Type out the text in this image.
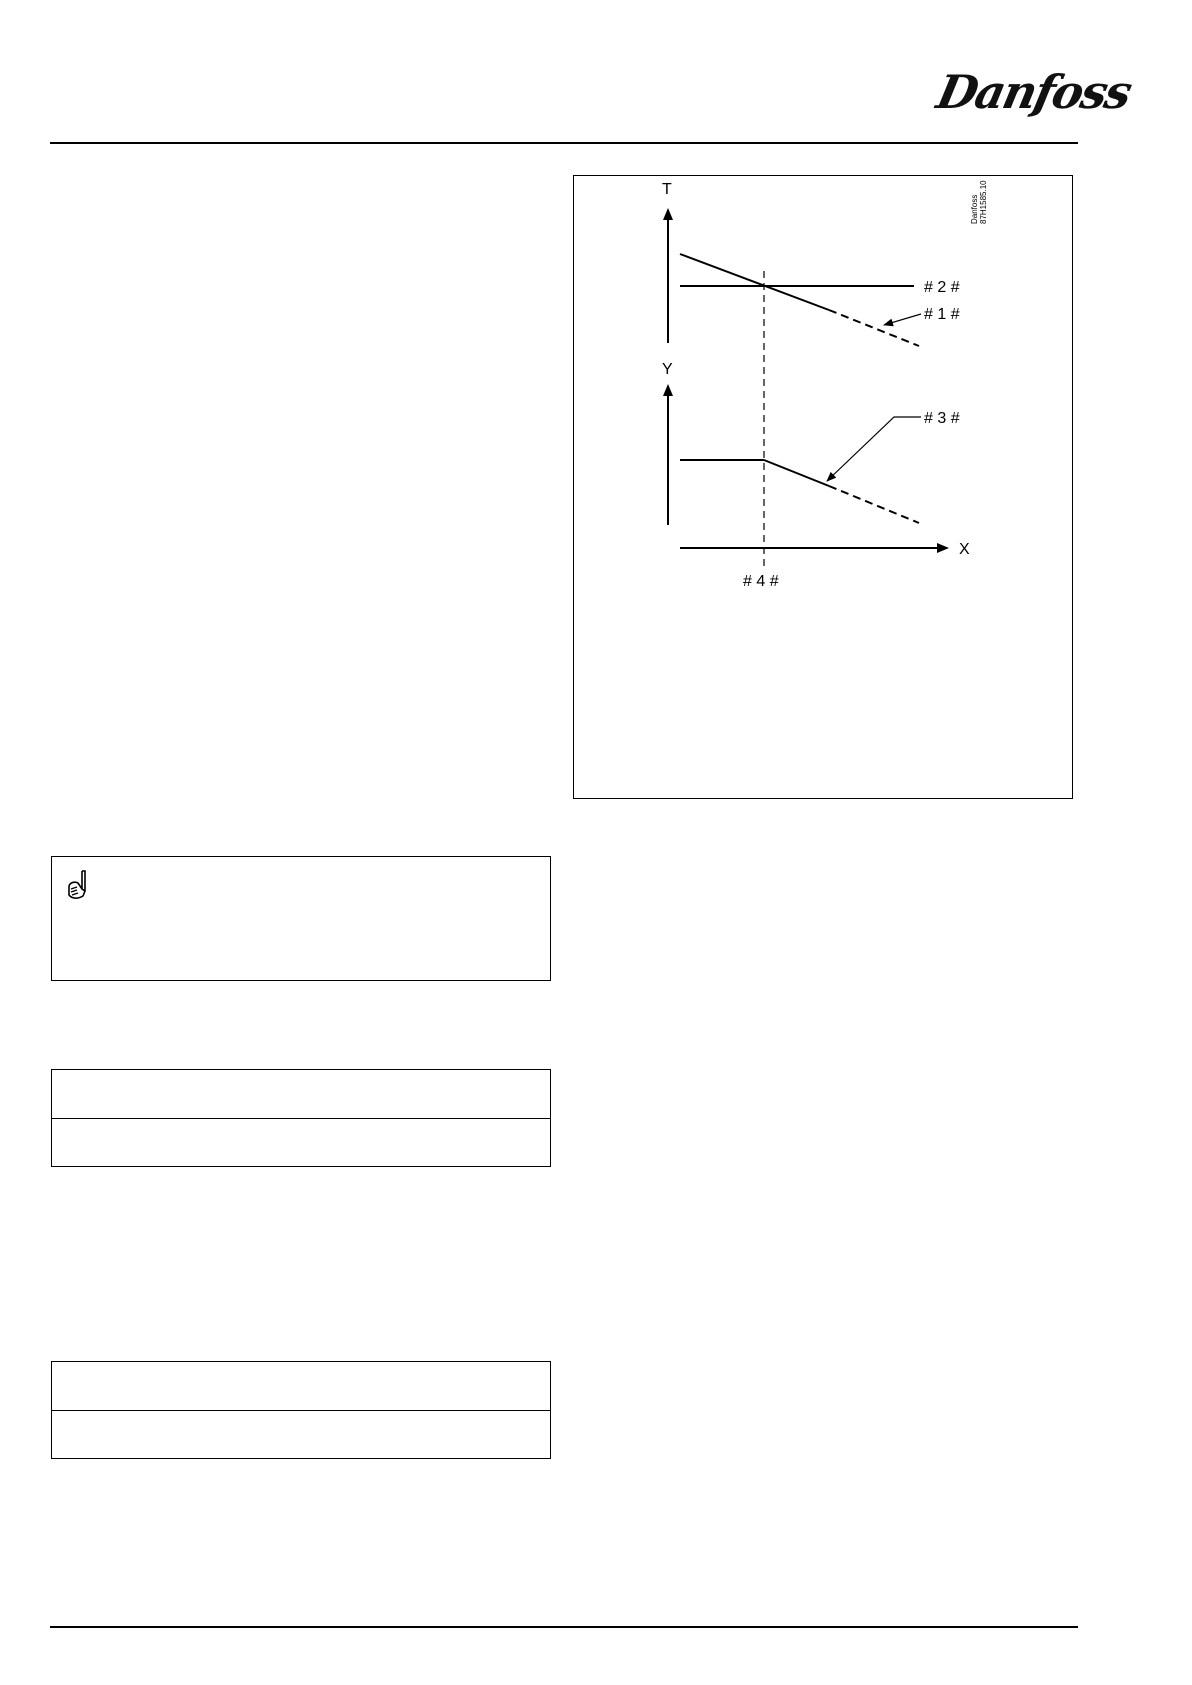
Danfoss
T
# 2 #
# 1 #
Y
# 3 #
X
# 4 #
Danfoss 87H1585.10
